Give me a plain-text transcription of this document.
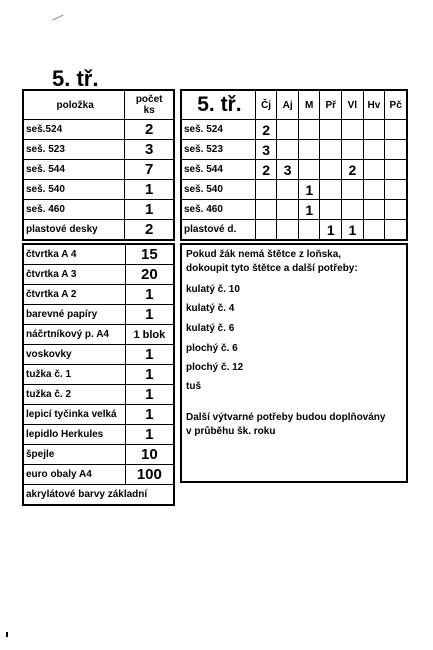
5. tř.
položka	počet
ks
seš.524	2
seš. 523	3
seš. 544	7
seš. 540	1
seš. 460	1
plastové desky	2
5. tř.	Čj	Aj	M	Př	Vl	Hv	Pč
seš. 524	2						
seš. 523	3						
seš. 544	2	3			2		
seš. 540			1				
seš. 460			1				
plastové d.				1	1		
čtvrtka A 4	15
čtvrtka A 3	20
čtvrtka A 2	1
barevné papíry	1
náčrtníkový p. A4	1 blok
voskovky	1
tužka č. 1	1
tužka č. 2	1
lepicí tyčinka velká	1
lepidlo Herkules	1
špejle	10
euro obaly A4	100
akrylátové barvy základní	
Pokud žák nemá štětce z loňska,
dokoupit tyto štětce a další potřeby:
kulatý č. 10
kulatý č. 4
kulatý č. 6
plochý č. 6
plochý č. 12
tuš
Další výtvarné potřeby budou doplňovány
v průběhu šk. roku
